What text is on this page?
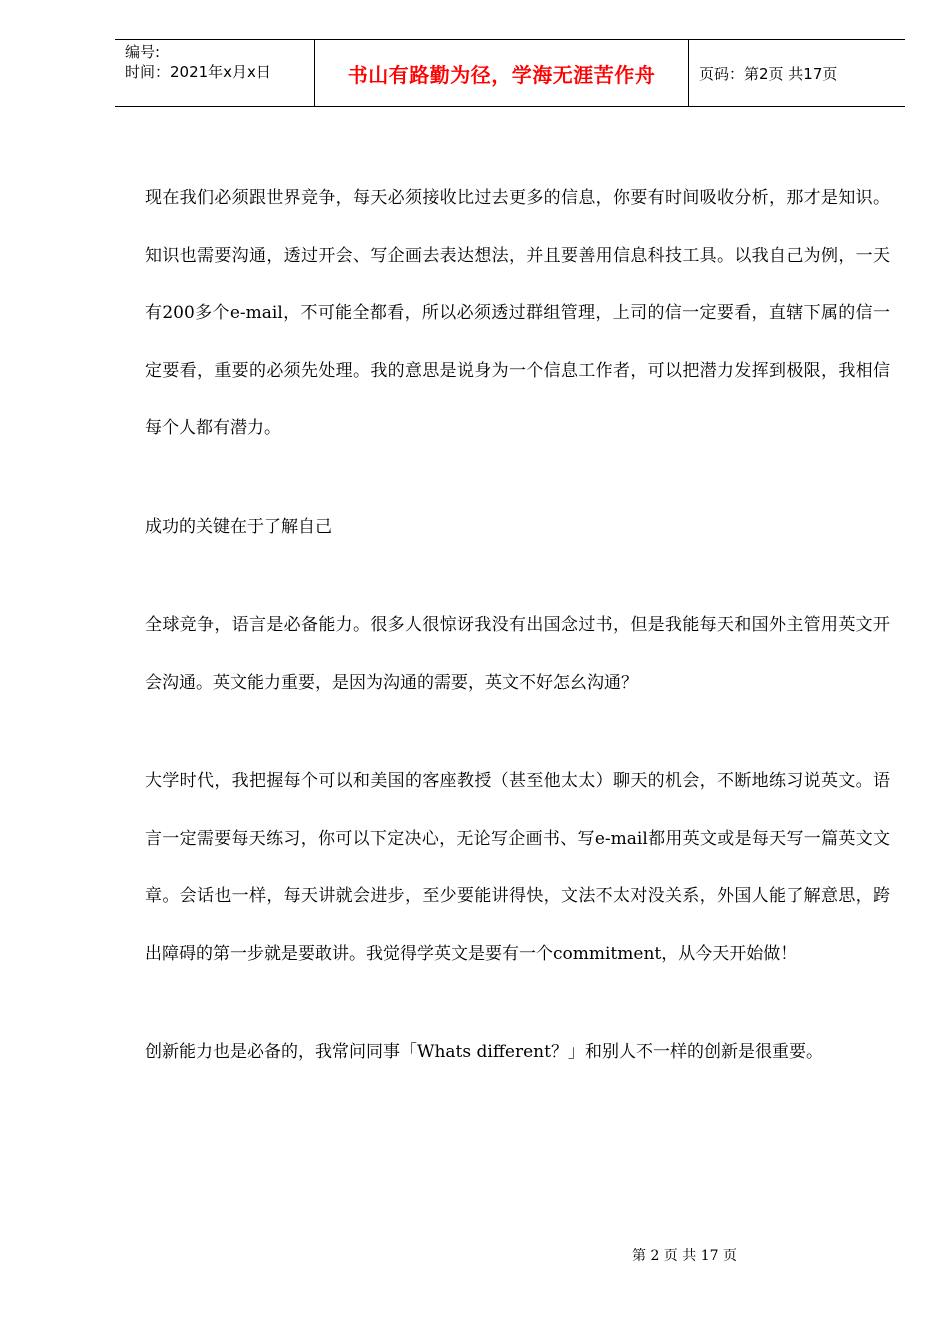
编号:
时间：2021年x月x日	书山有路勤为径，学海无涯苦作舟	页码：第2页 共17页

现在我们必须跟世界竞争，每天必须接收比过去更多的信息，你要有时间吸收分析，那才是知识。知识也需要沟通，透过开会、写企画去表达想法，并且要善用信息科技工具。以我自己为例，一天有200多个e-mail，不可能全都看，所以必须透过群组管理，上司的信一定要看，直辖下属的信一定要看，重要的必须先处理。我的意思是说身为一个信息工作者，可以把潜力发挥到极限，我相信每个人都有潜力。

成功的关键在于了解自己

全球竞争，语言是必备能力。很多人很惊讶我没有出国念过书，但是我能每天和国外主管用英文开会沟通。英文能力重要，是因为沟通的需要，英文不好怎幺沟通？

大学时代，我把握每个可以和美国的客座教授（甚至他太太）聊天的机会，不断地练习说英文。语言一定需要每天练习，你可以下定决心，无论写企画书、写e-mail都用英文或是每天写一篇英文文章。会话也一样，每天讲就会进步，至少要能讲得快，文法不太对没关系，外国人能了解意思，跨出障碍的第一步就是要敢讲。我觉得学英文是要有一个commitment，从今天开始做！

创新能力也是必备的，我常问同事「Whats different？」和别人不一样的创新是很重要。

第 2 页 共 17 页
